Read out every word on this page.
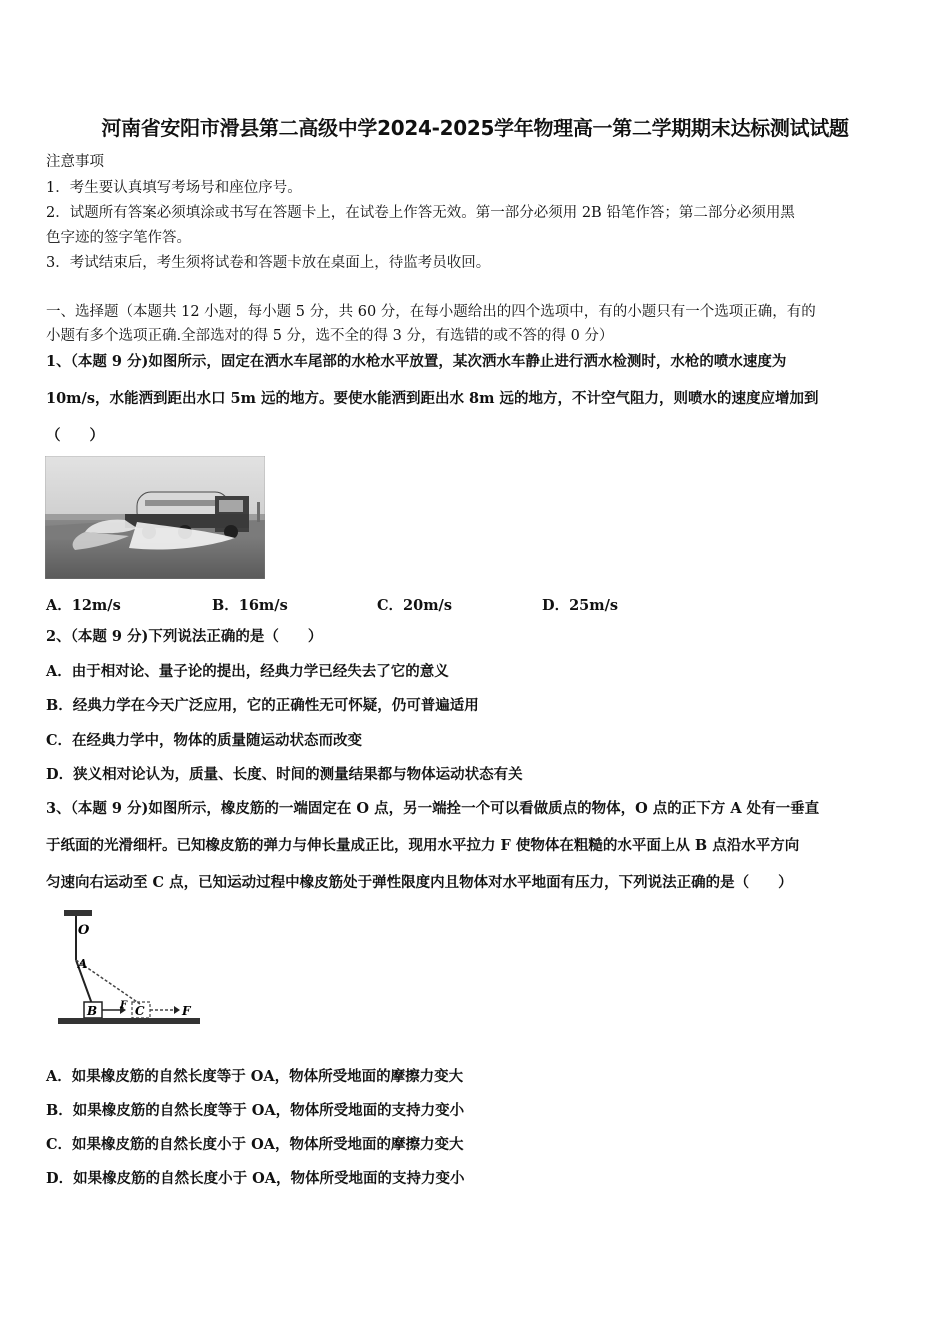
河南省安阳市滑县第二高级中学2024-2025学年物理高一第二学期期末达标测试试题
注意事项
1．考生要认真填写考场号和座位序号。
2．试题所有答案必须填涂或书写在答题卡上，在试卷上作答无效。第一部分必须用 2B 铅笔作答；第二部分必须用黑
色字迹的签字笔作答。
3．考试结束后，考生须将试卷和答题卡放在桌面上，待监考员收回。
一、选择题（本题共 12 小题，每小题 5 分，共 60 分，在每小题给出的四个选项中，有的小题只有一个选项正确，有的
小题有多个选项正确.全部选对的得 5 分，选不全的得 3 分，有选错的或不答的得 0 分）
1、（本题 9 分)如图所示，固定在洒水车尾部的水枪水平放置，某次洒水车静止进行洒水检测时，水枪的喷水速度为
10m/s，水能洒到距出水口 5m 远的地方。要使水能洒到距出水 8m 远的地方，不计空气阻力，则喷水的速度应增加到
（　　）
A．12m/s	B．16m/s	C．20m/s	D．25m/s
2、（本题 9 分)下列说法正确的是（　　）
A．由于相对论、量子论的提出，经典力学已经失去了它的意义
B．经典力学在今天广泛应用，它的正确性无可怀疑，仍可普遍适用
C．在经典力学中，物体的质量随运动状态而改变
D．狭义相对论认为，质量、长度、时间的测量结果都与物体运动状态有关
3、（本题 9 分)如图所示，橡皮筋的一端固定在 O 点，另一端拴一个可以看做质点的物体，O 点的正下方 A 处有一垂直
于纸面的光滑细杆。已知橡皮筋的弹力与伸长量成正比，现用水平拉力 F 使物体在粗糙的水平面上从 B 点沿水平方向
匀速向右运动至 C 点，已知运动过程中橡皮筋处于弹性限度内且物体对水平地面有压力，下列说法正确的是（　　）
O
A
B	C
F	F
A．如果橡皮筋的自然长度等于 OA，物体所受地面的摩擦力变大
B．如果橡皮筋的自然长度等于 OA，物体所受地面的支持力变小
C．如果橡皮筋的自然长度小于 OA，物体所受地面的摩擦力变大
D．如果橡皮筋的自然长度小于 OA，物体所受地面的支持力变小
